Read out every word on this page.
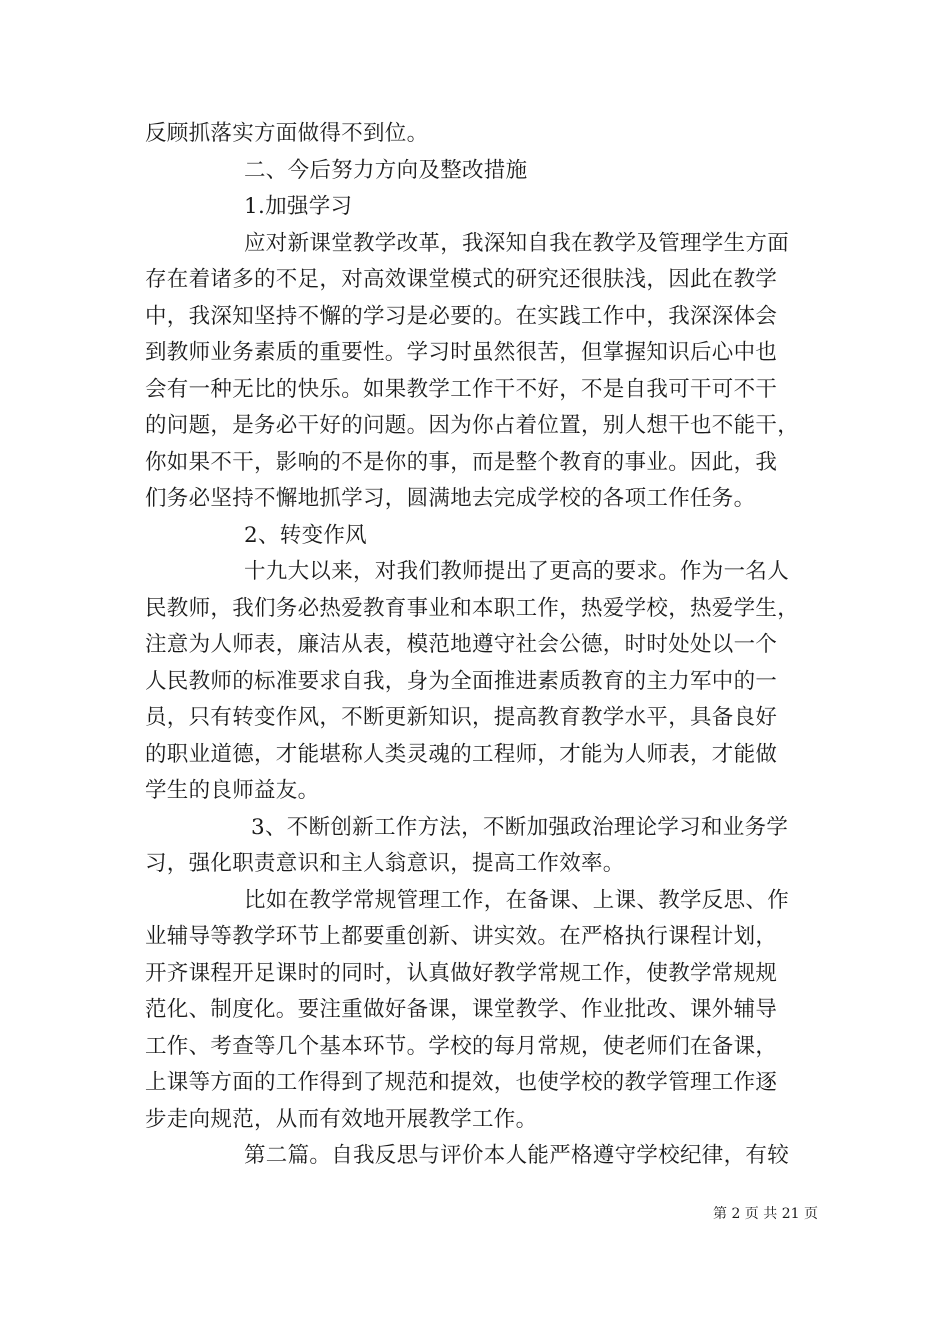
反顾抓落实方面做得不到位。
二、今后努力方向及整改措施
1.加强学习
应对新课堂教学改革，我深知自我在教学及管理学生方面
存在着诸多的不足，对高效课堂模式的研究还很肤浅，因此在教学
中，我深知坚持不懈的学习是必要的。在实践工作中，我深深体会
到教师业务素质的重要性。学习时虽然很苦，但掌握知识后心中也
会有一种无比的快乐。如果教学工作干不好，不是自我可干可不干
的问题，是务必干好的问题。因为你占着位置，别人想干也不能干，
你如果不干，影响的不是你的事，而是整个教育的事业。因此，我
们务必坚持不懈地抓学习，圆满地去完成学校的各项工作任务。
2、转变作风
十九大以来，对我们教师提出了更高的要求。作为一名人
民教师，我们务必热爱教育事业和本职工作，热爱学校，热爱学生，
注意为人师表，廉洁从表，模范地遵守社会公德，时时处处以一个
人民教师的标准要求自我，身为全面推进素质教育的主力军中的一
员，只有转变作风，不断更新知识，提高教育教学水平，具备良好
的职业道德，才能堪称人类灵魂的工程师，才能为人师表，才能做
学生的良师益友。
3、不断创新工作方法，不断加强政治理论学习和业务学
习，强化职责意识和主人翁意识，提高工作效率。
比如在教学常规管理工作，在备课、上课、教学反思、作
业辅导等教学环节上都要重创新、讲实效。在严格执行课程计划，
开齐课程开足课时的同时，认真做好教学常规工作，使教学常规规
范化、制度化。要注重做好备课，课堂教学、作业批改、课外辅导
工作、考查等几个基本环节。学校的每月常规，使老师们在备课，
上课等方面的工作得到了规范和提效，也使学校的教学管理工作逐
步走向规范，从而有效地开展教学工作。
第二篇。自我反思与评价本人能严格遵守学校纪律，有较
第 2 页 共 21 页
